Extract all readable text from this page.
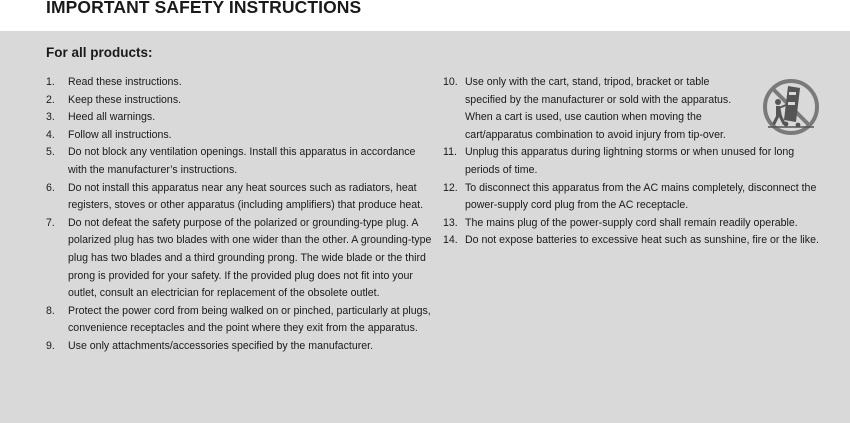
IMPORTANT SAFETY INSTRUCTIONS
For all products:
1. Read these instructions.
2. Keep these instructions.
3. Heed all warnings.
4. Follow all instructions.
5. Do not block any ventilation openings. Install this apparatus in accordance with the manufacturer’s instructions.
6. Do not install this apparatus near any heat sources such as radiators, heat registers, stoves or other apparatus (including amplifiers) that produce heat.
7. Do not defeat the safety purpose of the polarized or grounding-type plug. A polarized plug has two blades with one wider than the other. A grounding-type plug has two blades and a third grounding prong. The wide blade or the third prong is provided for your safety. If the provided plug does not fit into your outlet, consult an electrician for replacement of the obsolete outlet.
8. Protect the power cord from being walked on or pinched, particularly at plugs, convenience receptacles and the point where they exit from the apparatus.
9. Use only attachments/accessories specified by the manufacturer.
10. Use only with the cart, stand, tripod, bracket or table specified by the manufacturer or sold with the apparatus. When a cart is used, use caution when moving the cart/apparatus combination to avoid injury from tip-over.
11. Unplug this apparatus during lightning storms or when unused for long periods of time.
12. To disconnect this apparatus from the AC mains completely, disconnect the power-supply cord plug from the AC receptacle.
13. The mains plug of the power-supply cord shall remain readily operable.
14. Do not expose batteries to excessive heat such as sunshine, fire or the like.
